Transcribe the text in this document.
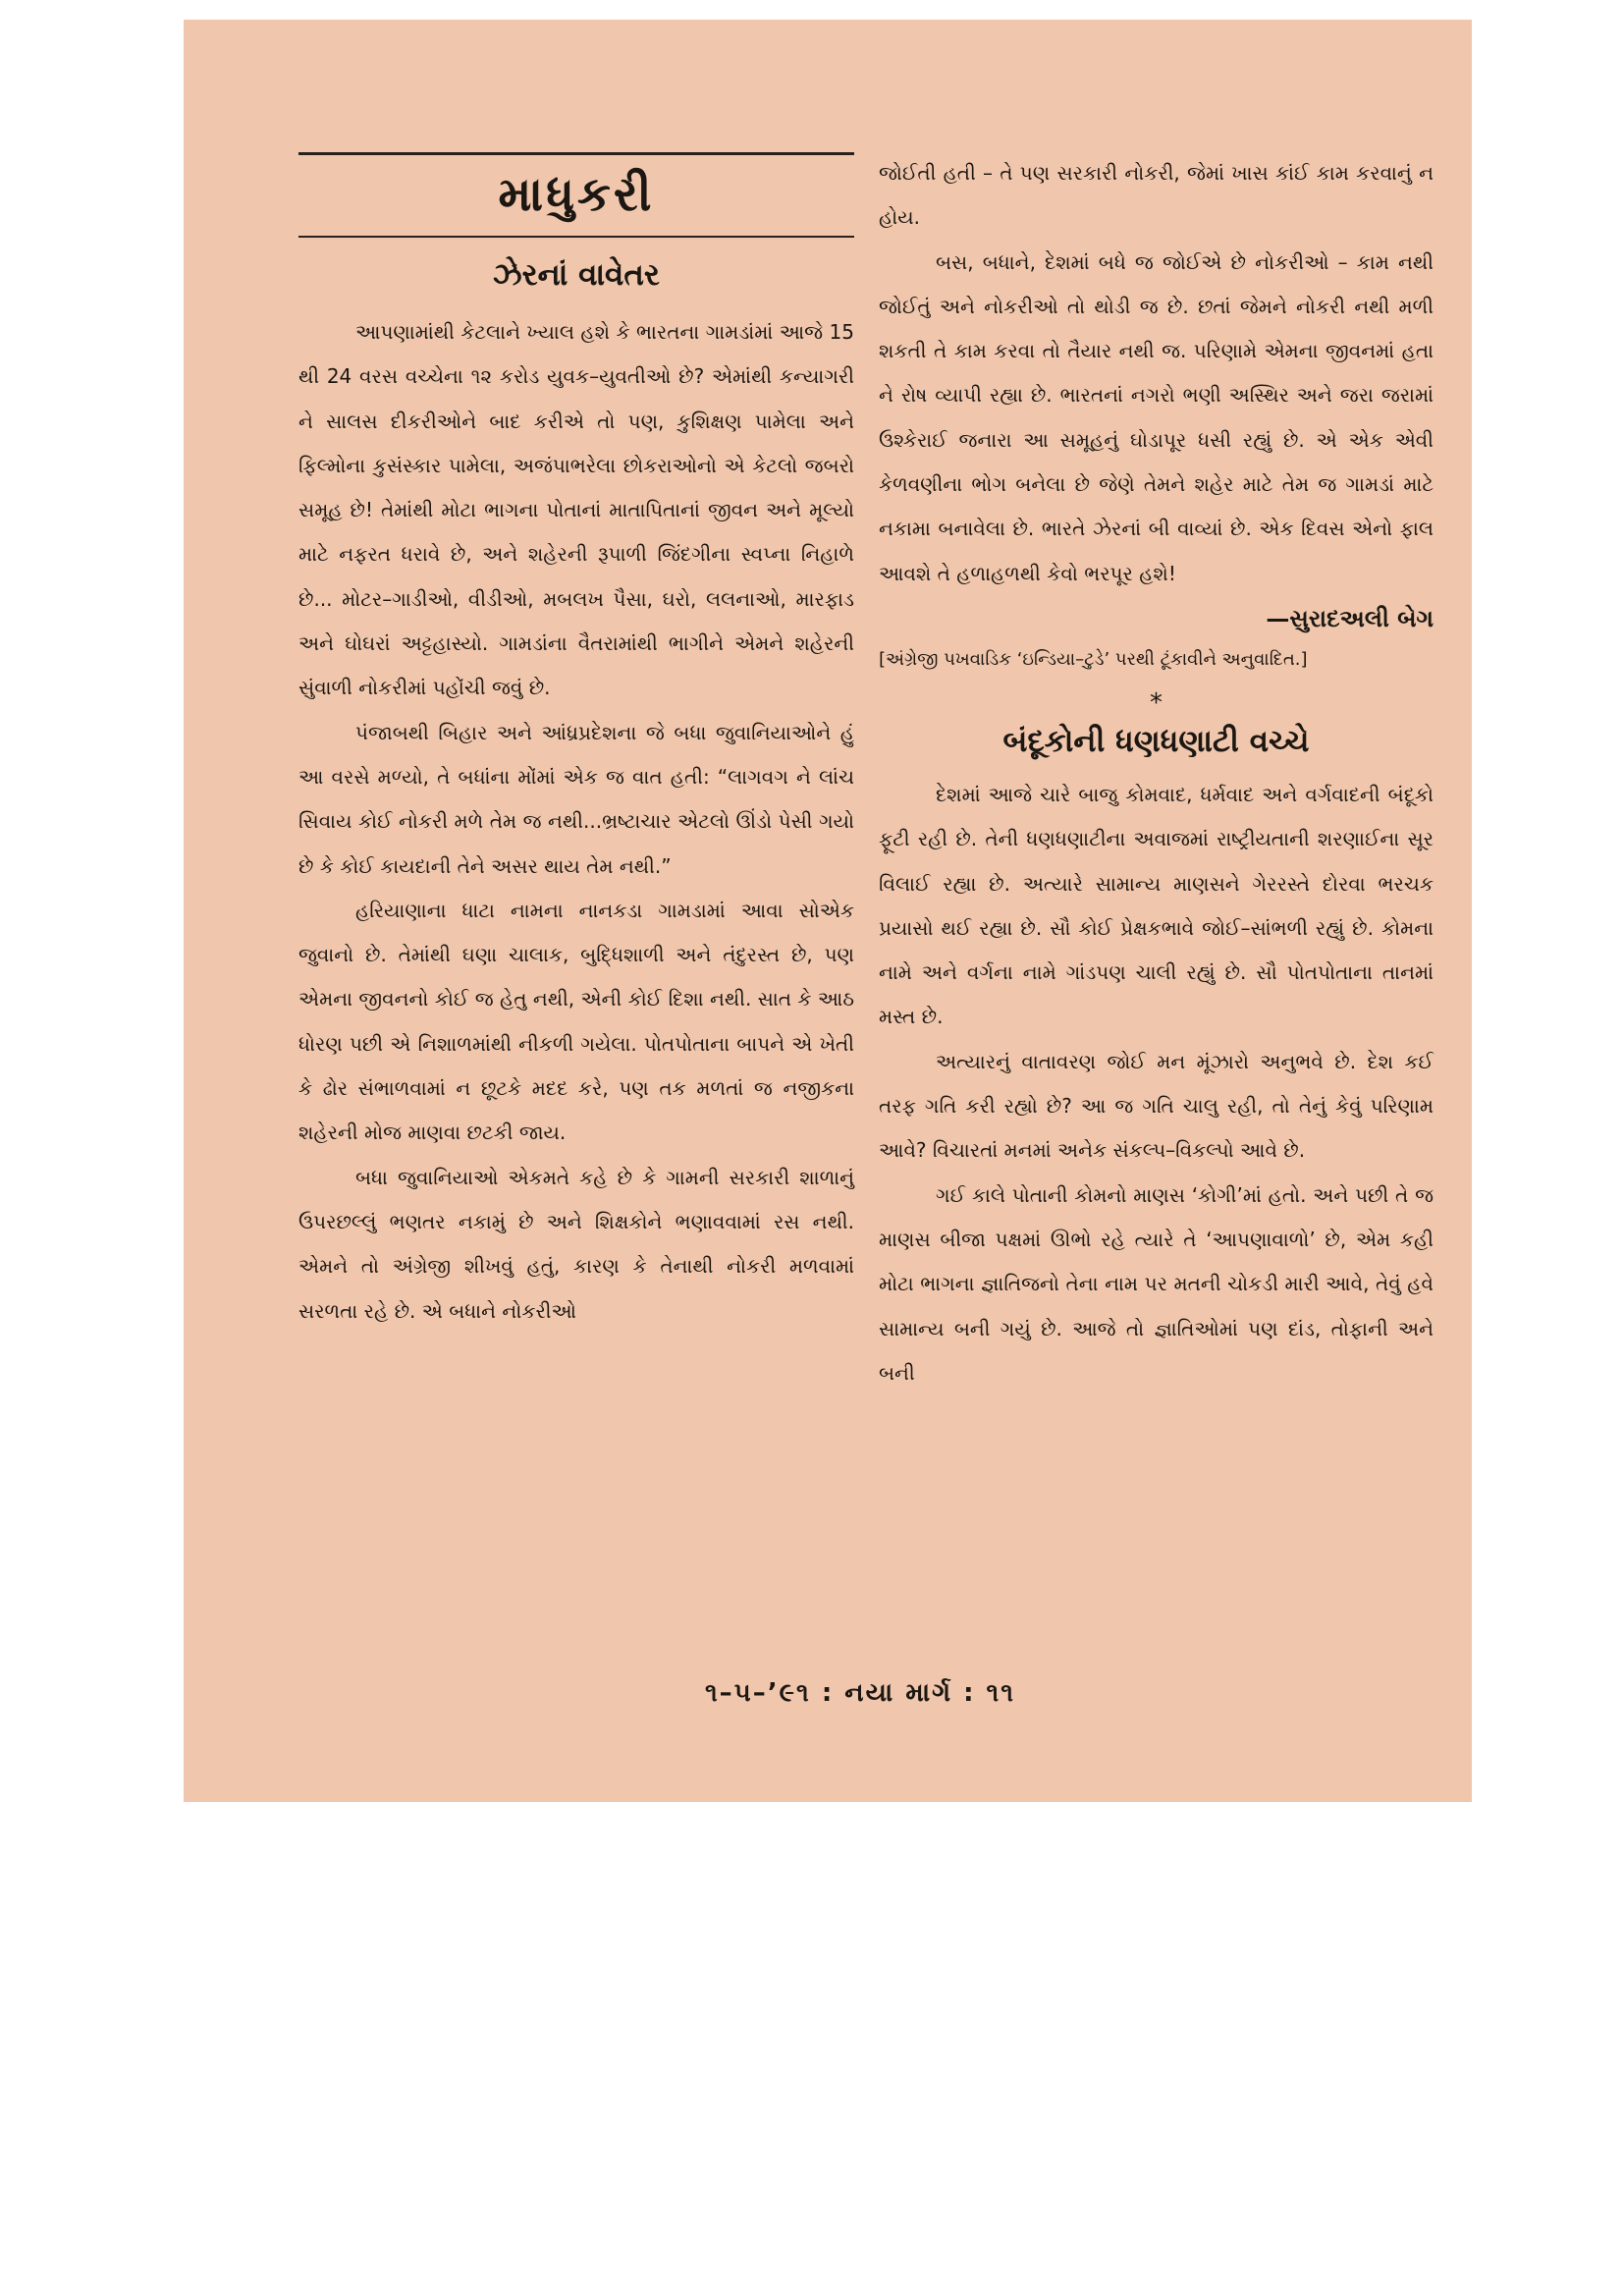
માધુકરી
ઝેરનાં વાવેતર

આપણામાંથી કેટલાને ખ્યાલ હશે કે ભારતના ગામડાંમાં આજે 15 થી 24 વરસ વચ્ચેના ૧૨ કરોડ યુવક–યુવતીઓ છે? એમાંથી કન્યાગરી ને સાલસ દીકરીઓને બાદ કરીએ તો પણ, કુશિક્ષણ પામેલા અને ફિલ્મોના કુસંસ્કાર પામેલા, અજંપાભરેલા છોકરાઓનો એ કેટલો જબરો સમૂહ છે! તેમાંથી મોટા ભાગના પોતાનાં માતાપિતાનાં જીવન અને મૂલ્યો માટે નફરત ધરાવે છે, અને શહેરની રૂપાળી જિંદગીના સ્વપ્ના નિહાળે છે... મોટર–ગાડીઓ, વીડીઓ, મબલખ પૈસા, ઘરો, લલનાઓ, મારફાડ અને ઘોઘરાં અટ્ટહાસ્યો. ગામડાંના વૈતરામાંથી ભાગીને એમને શહેરની સુંવાળી નોકરીમાં પહોંચી જવું છે.

પંજાબથી બિહાર અને આંધ્રપ્રદેશના જે બધા જુવાનિયાઓને હું આ વરસે મળ્યો, તે બધાંના મોંમાં એક જ વાત હતી: “લાગવગ ને લાંચ સિવાય કોઈ નોકરી મળે તેમ જ નથી...ભ્રષ્ટાચાર એટલો ઊંડો પેસી ગયો છે કે કોઈ કાયદાની તેને અસર થાય તેમ નથી.”

હરિયાણાના ધાટા નામના નાનકડા ગામડામાં આવા સોએક જુવાનો છે. તેમાંથી ઘણા ચાલાક, બુદ્ધિશાળી અને તંદુરસ્ત છે, પણ એમના જીવનનો કોઈ જ હેતુ નથી, એની કોઈ દિશા નથી. સાત કે આઠ ધોરણ પછી એ નિશાળમાંથી નીકળી ગયેલા. પોતપોતાના બાપને એ ખેતી કે ઢોર સંભાળવામાં ન છૂટકે મદદ કરે, પણ તક મળતાં જ નજીકના શહેરની મોજ માણવા છટકી જાય.

બધા જુવાનિયાઓ એકમતે કહે છે કે ગામની સરકારી શાળાનું ઉપરછલ્લું ભણતર નકામું છે અને શિક્ષકોને ભણાવવામાં રસ નથી. એમને તો અંગ્રેજી શીખવું હતું, કારણ કે તેનાથી નોકરી મળવામાં સરળતા રહે છે. એ બધાને નોકરીઓ

જોઈતી હતી – તે પણ સરકારી નોકરી, જેમાં ખાસ કાંઈ કામ કરવાનું ન હોય.

બસ, બધાને, દેશમાં બધે જ જોઈએ છે નોકરીઓ – કામ નથી જોઈતું અને નોકરીઓ તો થોડી જ છે. છતાં જેમને નોકરી નથી મળી શકતી તે કામ કરવા તો તૈયાર નથી જ. પરિણામે એમના જીવનમાં હતા ને રોષ વ્યાપી રહ્યા છે. ભારતનાં નગરો ભણી અસ્થિર અને જરા જરામાં ઉશ્કેરાઈ જનારા આ સમૂહનું ઘોડાપૂર ધસી રહ્યું છે. એ એક એવી કેળવણીના ભોગ બનેલા છે જેણે તેમને શહેર માટે તેમ જ ગામડાં માટે નકામા બનાવેલા છે. ભારતે ઝેરનાં બી વાવ્યાં છે. એક દિવસ એનો ફાલ આવશે તે હળાહળથી કેવો ભરપૂર હશે!

—સુરાદઅલી બેગ

[અંગ્રેજી પખવાડિક ‘ઇન્ડિયા–ટુડે’ પરથી ટૂંકાવીને અનુવાદિત.]

*
બંદૂકોની ધણધણાટી વચ્ચે

દેશમાં આજે ચારે બાજુ કોમવાદ, ધર્મવાદ અને વર્ગવાદની બંદૂકો ફૂટી રહી છે. તેની ધણધણાટીના અવાજમાં રાષ્ટ્રીયતાની શરણાઈના સૂર વિલાઈ રહ્યા છે. અત્યારે સામાન્ય માણસને ગેરરસ્તે દોરવા ભરચક પ્રયાસો થઈ રહ્યા છે. સૌ કોઈ પ્રેક્ષકભાવે જોઈ–સાંભળી રહ્યું છે. કોમના નામે અને વર્ગના નામે ગાંડપણ ચાલી રહ્યું છે. સૌ પોતપોતાના તાનમાં મસ્ત છે.

અત્યારનું વાતાવરણ જોઈ મન મૂંઝારો અનુભવે છે. દેશ કઈ તરફ ગતિ કરી રહ્યો છે? આ જ ગતિ ચાલુ રહી, તો તેનું કેવું પરિણામ આવે? વિચારતાં મનમાં અનેક સંકલ્પ–વિકલ્પો આવે છે.

ગઈ કાલે પોતાની કોમનો માણસ ‘કોગી’માં હતો. અને પછી તે જ માણસ બીજા પક્ષમાં ઊભો રહે ત્યારે તે ‘આપણાવાળો’ છે, એમ કહી મોટા ભાગના જ્ઞાતિજનો તેના નામ પર મતની ચોકડી મારી આવે, તેવું હવે સામાન્ય બની ગયું છે. આજે તો જ્ઞાતિઓમાં પણ દાંડ, તોફાની અને બની

૧–૫–’૯૧ : નયા માર્ગ : ૧૧
